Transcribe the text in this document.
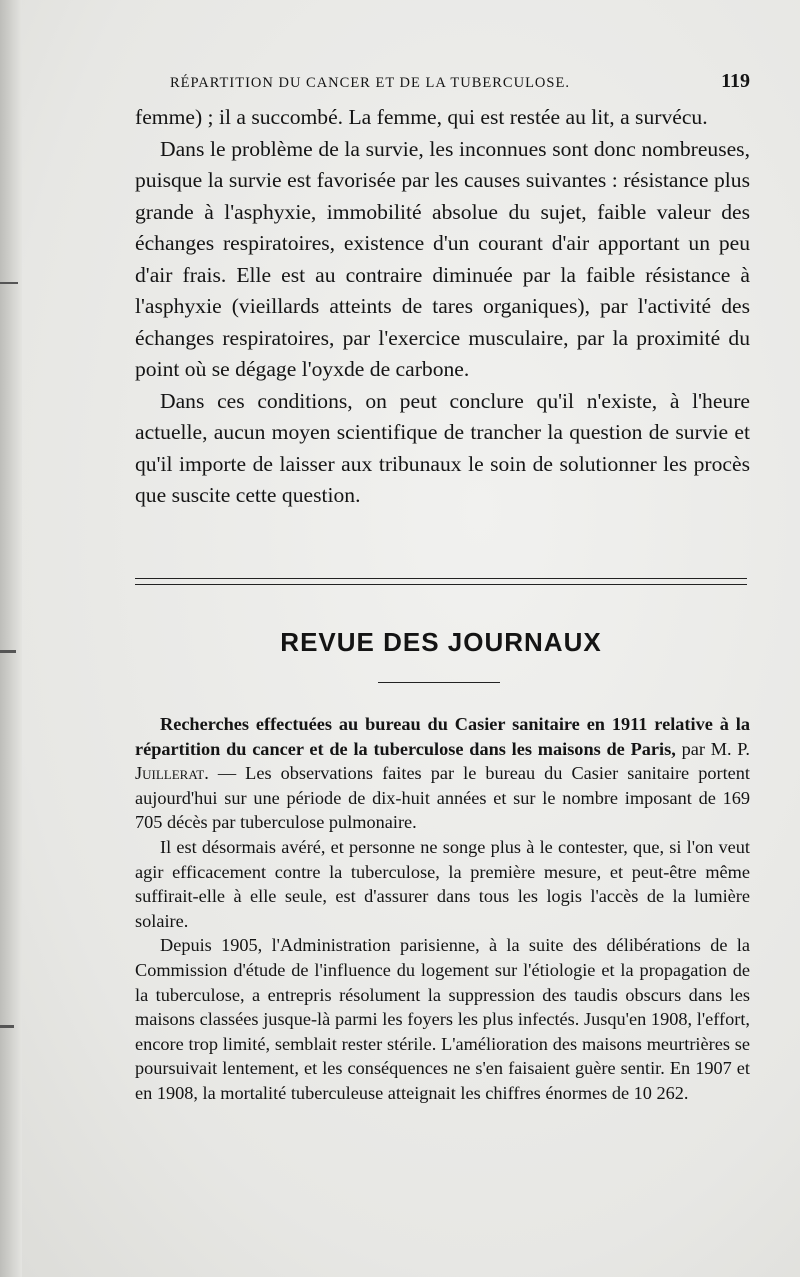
RÉPARTITION DU CANCER ET DE LA TUBERCULOSE.	119

femme) ; il a succombé. La femme, qui est restée au lit, a survécu.

Dans le problème de la survie, les inconnues sont donc nombreuses, puisque la survie est favorisée par les causes suivantes : résistance plus grande à l'asphyxie, immobilité absolue du sujet, faible valeur des échanges respiratoires, existence d'un courant d'air apportant un peu d'air frais. Elle est au contraire diminuée par la faible résistance à l'asphyxie (vieillards atteints de tares organiques), par l'activité des échanges respiratoires, par l'exercice musculaire, par la proximité du point où se dégage l'oyxde de carbone.

Dans ces conditions, on peut conclure qu'il n'existe, à l'heure actuelle, aucun moyen scientifique de trancher la question de survie et qu'il importe de laisser aux tribunaux le soin de solutionner les procès que suscite cette question.

REVUE DES JOURNAUX

Recherches effectuées au bureau du Casier sanitaire en 1911 relative à la répartition du cancer et de la tuberculose dans les maisons de Paris, par M. P. Juillerat. — Les observations faites par le bureau du Casier sanitaire portent aujourd'hui sur une période de dix-huit années et sur le nombre imposant de 169 705 décès par tuberculose pulmonaire.

Il est désormais avéré, et personne ne songe plus à le contester, que, si l'on veut agir efficacement contre la tuberculose, la première mesure, et peut-être même suffirait-elle à elle seule, est d'assurer dans tous les logis l'accès de la lumière solaire.

Depuis 1905, l'Administration parisienne, à la suite des délibérations de la Commission d'étude de l'influence du logement sur l'étiologie et la propagation de la tuberculose, a entrepris résolument la suppression des taudis obscurs dans les maisons classées jusque-là parmi les foyers les plus infectés. Jusqu'en 1908, l'effort, encore trop limité, semblait rester stérile. L'amélioration des maisons meurtrières se poursuivait lentement, et les conséquences ne s'en faisaient guère sentir. En 1907 et en 1908, la mortalité tuberculeuse atteignait les chiffres énormes de 10 262.
